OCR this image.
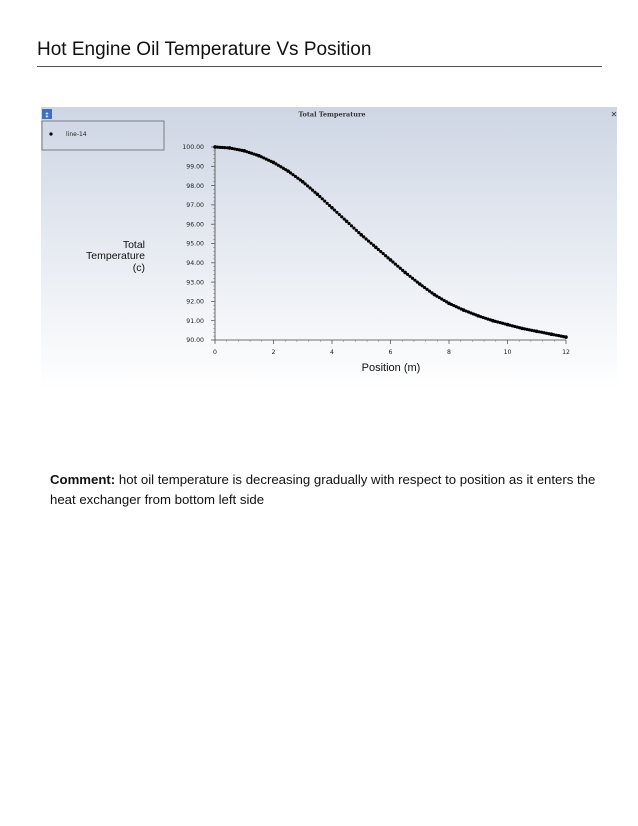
Hot Engine Oil Temperature Vs Position
↕	Total Temperature	✕
line-14
Total
Temperature
(c)
Position (m)
90.00
91.00
92.00
93.00
94.00
95.00
96.00
97.00
98.00
99.00
100.00
0	2	4	6	8	10	12
Comment: hot oil temperature is decreasing gradually with respect to position as it enters the heat exchanger from bottom left side
